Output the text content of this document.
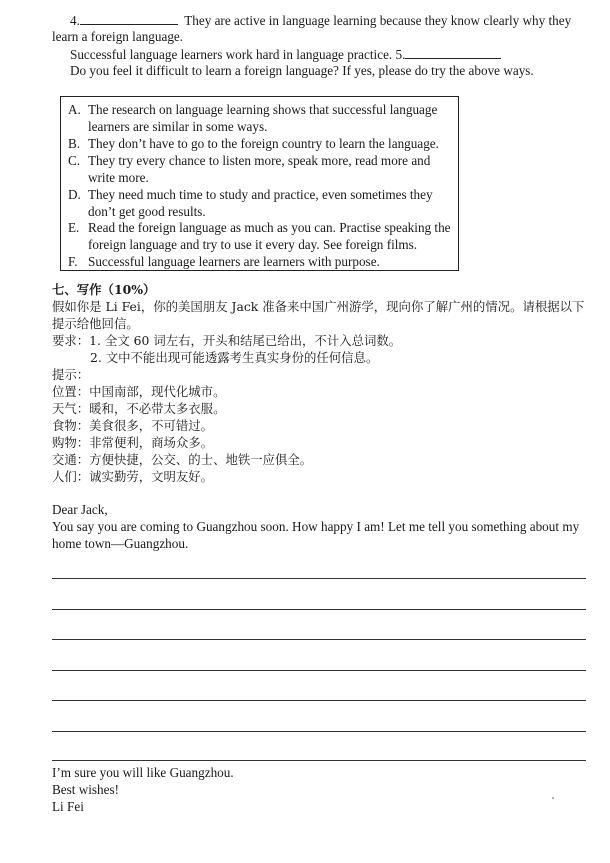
4.	They are active in language learning because they know clearly why they
learn a foreign language.
Successful language learners work hard in language practice. 5.
Do you feel it difficult to learn a foreign language? If yes, please do try the above ways.
A. The research on language learning shows that successful language
learners are similar in some ways.
B. They don’t have to go to the foreign country to learn the language.
C. They try every chance to listen more, speak more, read more and
write more.
D. They need much time to study and practice, even sometimes they
don’t get good results.
E. Read the foreign language as much as you can. Practise speaking the
foreign language and try to use it every day. See foreign films.
F. Successful language learners are learners with purpose.
七、写作（10%）
假如你是 Li Fei，你的美国朋友 Jack 准备来中国广州游学，现向你了解广州的情况。请根据以下
提示给他回信。
要求：1. 全文 60 词左右，开头和结尾已给出，不计入总词数。
2. 文中不能出现可能透露考生真实身份的任何信息。
提示：
位置：中国南部，现代化城市。
天气：暖和，不必带太多衣服。
食物：美食很多，不可错过。
购物：非常便利，商场众多。
交通：方便快捷，公交、的士、地铁一应俱全。
人们：诚实勤劳，文明友好。
Dear Jack,
You say you are coming to Guangzhou soon. How happy I am! Let me tell you something about my
home town—Guangzhou.
I’m sure you will like Guangzhou.
Best wishes!
Li Fei
